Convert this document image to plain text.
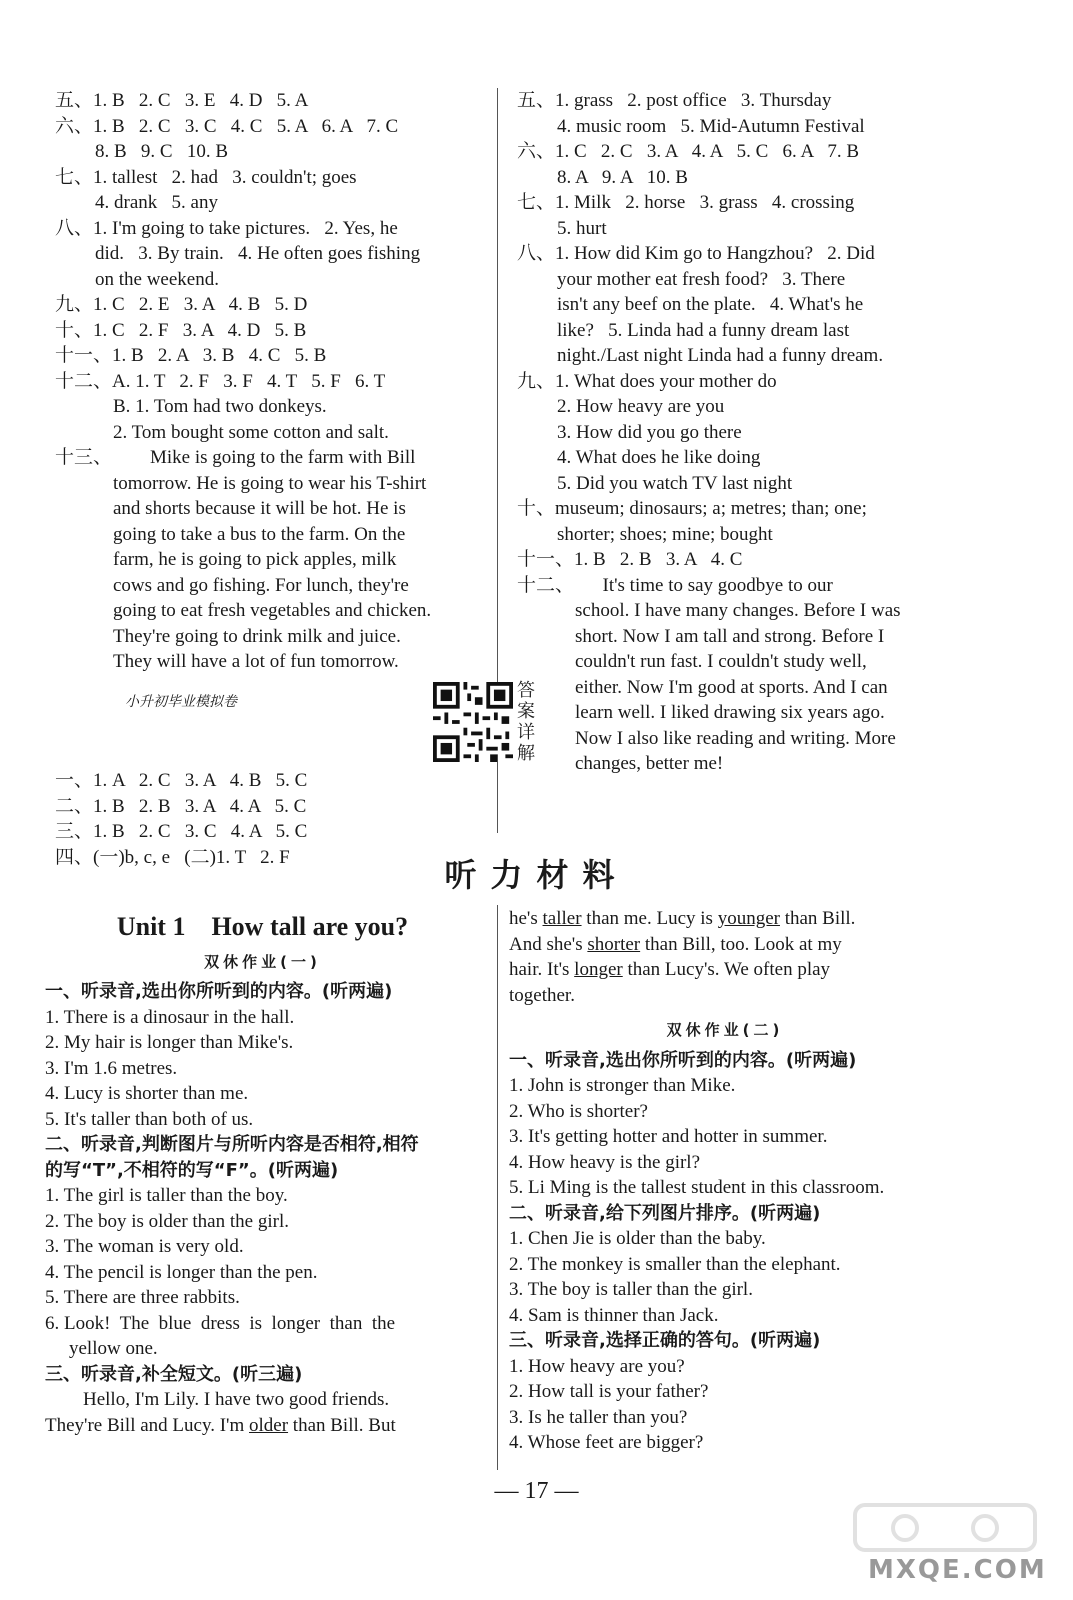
五、1. B   2. C   3. E   4. D   5. A

六、1. B   2. C   3. C   4. C   5. A   6. A   7. C

8. B   9. C   10. B

七、1. tallest   2. had   3. couldn't; goes

4. drank   5. any

八、1. I'm going to take pictures.   2. Yes, he

did.   3. By train.   4. He often goes fishing

on the weekend.

九、1. C   2. E   3. A   4. B   5. D

十、1. C   2. F   3. A   4. D   5. B

十一、1. B   2. A   3. B   4. C   5. B

十二、A. 1. T   2. F   3. F   4. T   5. F   6. T

B. 1. Tom had two donkeys.

2. Tom bought some cotton and salt.

十三、        Mike is going to the farm with Bill

tomorrow. He is going to wear his T-shirt

and shorts because it will be hot. He is

going to take a bus to the farm. On the

farm, he is going to pick apples, milk

cows and go fishing. For lunch, they're

going to eat fresh vegetables and chicken.

They're going to drink milk and juice.

They will have a lot of fun tomorrow.

小升初毕业模拟卷
答案详解

一、1. A   2. C   3. A   4. B   5. C

二、1. B   2. B   3. A   4. A   5. C

三、1. B   2. C   3. C   4. A   5. C

四、(一)b, c, e   (二)1. T   2. F

五、1. grass   2. post office   3. Thursday

4. music room   5. Mid-Autumn Festival

六、1. C   2. C   3. A   4. A   5. C   6. A   7. B

8. A   9. A   10. B

七、1. Milk   2. horse   3. grass   4. crossing

5. hurt

八、1. How did Kim go to Hangzhou?   2. Did

your mother eat fresh food?   3. There

isn't any beef on the plate.   4. What's he

like?   5. Linda had a funny dream last

night./Last night Linda had a funny dream.

九、1. What does your mother do

2. How heavy are you

3. How did you go there

4. What does he like doing

5. Did you watch TV last night

十、museum; dinosaurs; a; metres; than; one;

shorter; shoes; mine; bought

十一、1. B   2. B   3. A   4. C

十二、      It's time to say goodbye to our

school. I have many changes. Before I was

short. Now I am tall and strong. Before I

couldn't run fast. I couldn't study well,

either. Now I'm good at sports. And I can

learn well. I liked drawing six years ago.

Now I also like reading and writing. More

changes, better me!

听力材料

Unit 1    How tall are you?

双休作业(一)

一、听录音,选出你所听到的内容。(听两遍)

1. There is a dinosaur in the hall.

2. My hair is longer than Mike's.

3. I'm 1.6 metres.

4. Lucy is shorter than me.

5. It's taller than both of us.

二、听录音,判断图片与所听内容是否相符,相符

的写“T”,不相符的写“F”。(听两遍)

1. The girl is taller than the boy.

2. The boy is older than the girl.

3. The woman is very old.

4. The pencil is longer than the pen.

5. There are three rabbits.

6. Look!  The  blue  dress  is  longer  than  the

yellow one.

三、听录音,补全短文。(听三遍)

Hello, I'm Lily. I have two good friends.

They're Bill and Lucy. I'm older than Bill. But

he's taller than me. Lucy is younger than Bill.

And she's shorter than Bill, too. Look at my

hair. It's longer than Lucy's. We often play

together.

双休作业(二)

一、听录音,选出你所听到的内容。(听两遍)

1. John is stronger than Mike.

2. Who is shorter?

3. It's getting hotter and hotter in summer.

4. How heavy is the girl?

5. Li Ming is the tallest student in this classroom.

二、听录音,给下列图片排序。(听两遍)

1. Chen Jie is older than the baby.

2. The monkey is smaller than the elephant.

3. The boy is taller than the girl.

4. Sam is thinner than Jack.

三、听录音,选择正确的答句。(听两遍)

1. How heavy are you?

2. How tall is your father?

3. Is he taller than you?

4. Whose feet are bigger?

— 17 —
MXQE.COM
